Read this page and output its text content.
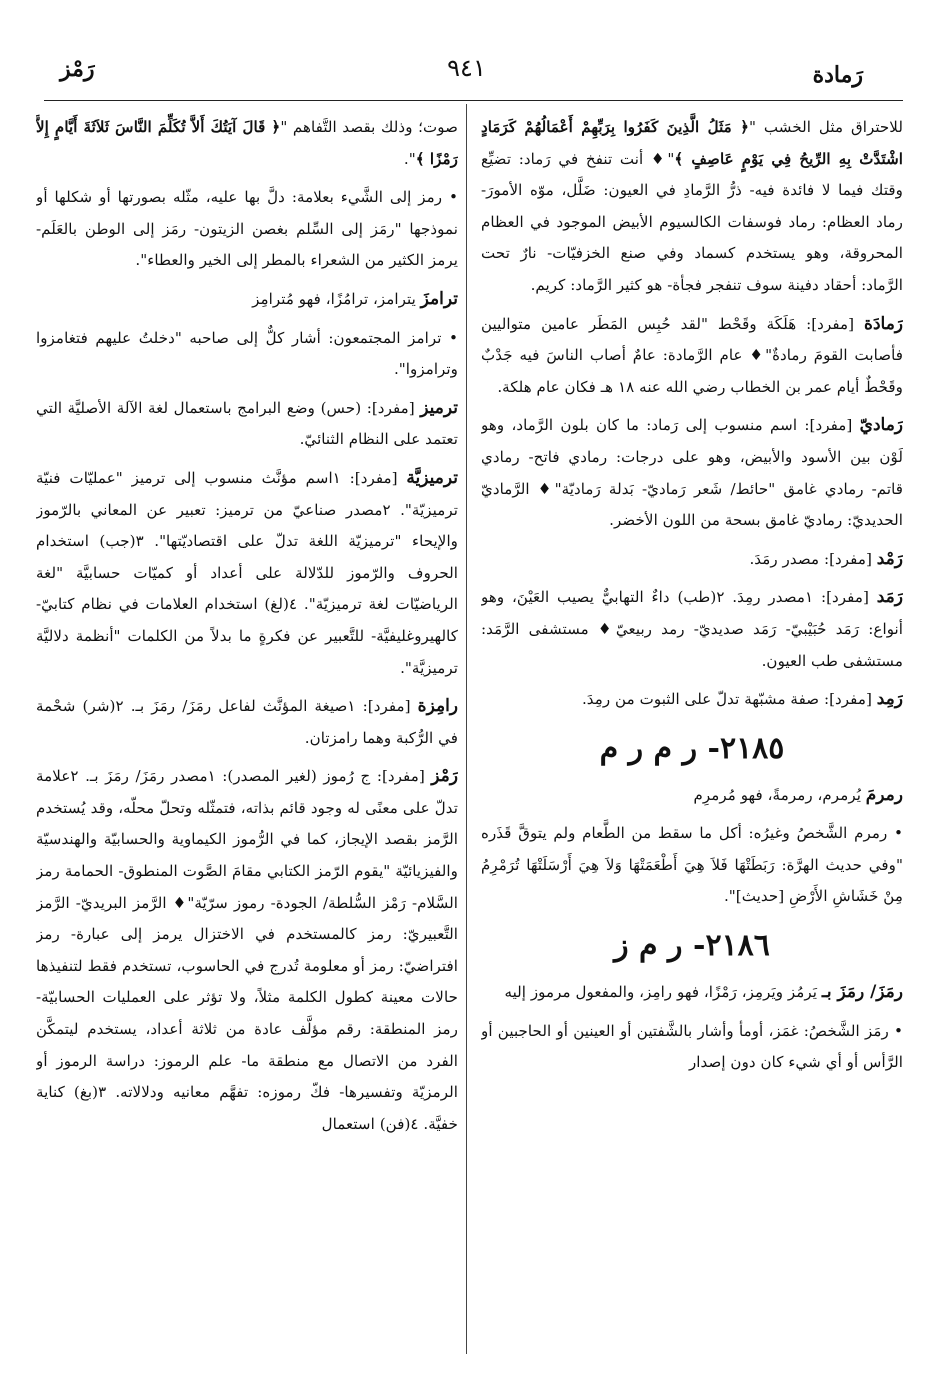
رَمادة
٩٤١
رَمْز

للاحتراق مثل الخشب "﴿ مَثَلُ الَّذِينَ كَفَرُوا بِرَبِّهِمْ أَعْمَالُهُمْ كَرَمَادٍ اشْتَدَّتْ بِهِ الرِّيحُ فِي يَوْمٍ عَاصِفٍ ﴾"♦ أنت تنفخ في رَماد: تضيِّع وقتك فيما لا فائدة فيه- ذرُّ الرَّمادِ في العيون: ضَلَّل، موّه الأمورَ- رماد العظام: رماد فوسفات الكالسيوم الأبيض الموجود في العظام المحروقة، وهو يستخدم كسماد وفي صنع الخزفيّات- نارٌ تحت الرَّماد: أحقاد دفينة سوف تنفجر فجأة- هو كثير الرَّماد: كريم.

رَمادَة [مفرد]: هَلَكَة وقَحْط "لقد حُبِس المَطَر عامين متواليين فأصابت القومَ رمادةٌ"♦ عام الرَّمادة: عامٌ أصاب الناسَ فيه جَدْبٌ وقَحْطٌ أيام عمر بن الخطاب رضي الله عنه ١٨ هـ فكان عام هلكة.

رَماديّ [مفرد]: اسم منسوب إلى رَماد: ما كان بلون الرَّماد، وهو لَوْن بين الأسود والأبيض، وهو على درجات: رمادي فاتح- رمادي قاتم- رمادي غامق "حائط/ شَعر رَماديّ- بَدلة رَماديّة"♦ الرَّماديّ الحديديّ: رماديّ غامق بسحة من اللون الأخضر.

رَمْد [مفرد]: مصدر رمَدَ.

رَمَد [مفرد]: ١مصدر رمِدَ. ٢(طب) داءٌ التهابيٌّ يصيب العَيْنَ، وهو أنواع: رَمَد حُبَيْبيّ- رَمَد صديديّ- رمد ربيعيّ♦ مستشفى الرَّمَد: مستشفى طب العيون.

رَمِد [مفرد]: صفة مشبّهة تدلّ على الثبوت من رمِدَ.

٢١٨٥- ر م ر م

رمرمَ يُرمرم، رمرمةً، فهو مُرمرِم

• رمرم الشَّخصُ وغيرُه: أكل ما سقط من الطَّعام ولم يتوقَّ قَذَره "وفي حديث الهرَّة: رَبَطَتْهَا فَلاَ هِيَ أَطْعَمَتْهَا وَلاَ هِيَ أَرْسَلَتْهَا تُرَمْرِمُ مِنْ خَشَاشِ الأَرْضِ [حديث]".

٢١٨٦- ر م ز

رمَزَ/ رمَزَ بـ يَرمُز ويَرمِز، رَمْزًا، فهو رامِز، والمفعول مرموز إليه

• رمَز الشَّخصُ: غمَز، أومأ وأشار بالشَّفتين أو العينين أو الحاجبين أو الرَّأس أو أي شيء كان دون إصدار

صوت؛ وذلك بقصد التَّفاهم "﴿ قَالَ آيَتُكَ أَلاَّ تُكَلِّمَ النَّاسَ ثَلاَثَةَ أَيَّامٍ إِلاَّ رَمْزًا ﴾".

• رمز إلى الشَّيء بعلامة: دلَّ بها عليه، مثّله بصورتها أو شكلها أو نموذجها "رمَز إلى السِّلم بغصن الزيتون- رمَز إلى الوطن بالعَلَم- يرمز الكثير من الشعراء بالمطر إلى الخير والعطاء".

ترامزَ يترامز، ترامُزًا، فهو مُترامِز

• ترامز المجتمعون: أشار كلٌّ إلى صاحبه "دخلتُ عليهم فتغامزوا وترامزوا".

ترميز [مفرد]: (حس) وضع البرامج باستعمال لغة الآلة الأصليَّة التي تعتمد على النظام الثنائيّ.

ترميزيَّة [مفرد]: ١اسم مؤنَّث منسوب إلى ترميز "عمليّات فنيّة ترميزيّة". ٢مصدر صناعيّ من ترميز: تعبير عن المعاني بالرّموز والإيحاء "ترميزيّة اللغة تدلّ على اقتصاديّتها". ٣(جب) استخدام الحروف والرّموز للدّلالة على أعداد أو كميّات حسابيَّة "لغة الرياضيّات لغة ترميزيّة". ٤(لغ) استخدام العلامات في نظام كتابيّ- كالهيروغليفيَّة- للتَّعبير عن فكرةٍ ما بدلاً من الكلمات "أنظمة دلاليَّة ترميزيَّة".

رامِزة [مفرد]: ١صيغة المؤنَّث لفاعل رمَزَ/ رمَزَ بـ. ٢(شر) شحْمة في الرُّكبة وهما رامزتان.

رَمْز [مفرد]: ج رُموز (لغير المصدر): ١مصدر رمَزَ/ رمَزَ بـ. ٢علامة تدلّ على معنًى له وجود قائم بذاته، فتمثّله وتحلّ محلّه، وقد يُستخدم الرَّمز بقصد الإيجاز، كما في الرُّموز الكيماوية والحسابيّة والهندسيّة والفيزيائيّة "يقوم الرّمز الكتابي مقامَ الصَّوت المنطوق- الحمامة رمز السَّلام- رَمْز السُّلطة/ الجودة- رموز سرّيّة"♦ الرَّمز البريديّ- الرَّمز التَّعبيريّ: رمز كالمستخدم في الاختزال يرمز إلى عبارة- رمز افتراضيّ: رمز أو معلومة تُدرج في الحاسوب، تستخدم فقط لتنفيذها حالات معينة كطول الكلمة مثلاً، ولا تؤثر على العمليات الحسابيّة- رمز المنطقة: رقم مؤلَّف عادة من ثلاثة أعداد، يستخدم ليتمكَّن الفرد من الاتصال مع منطقة ما- علم الرموز: دراسة الرموز أو الرمزيّة وتفسيرها- فكّ رموزه: تفهَّم معانيه ودلالاته. ٣(بغ) كناية خفيَّة. ٤(فن) استعمال
